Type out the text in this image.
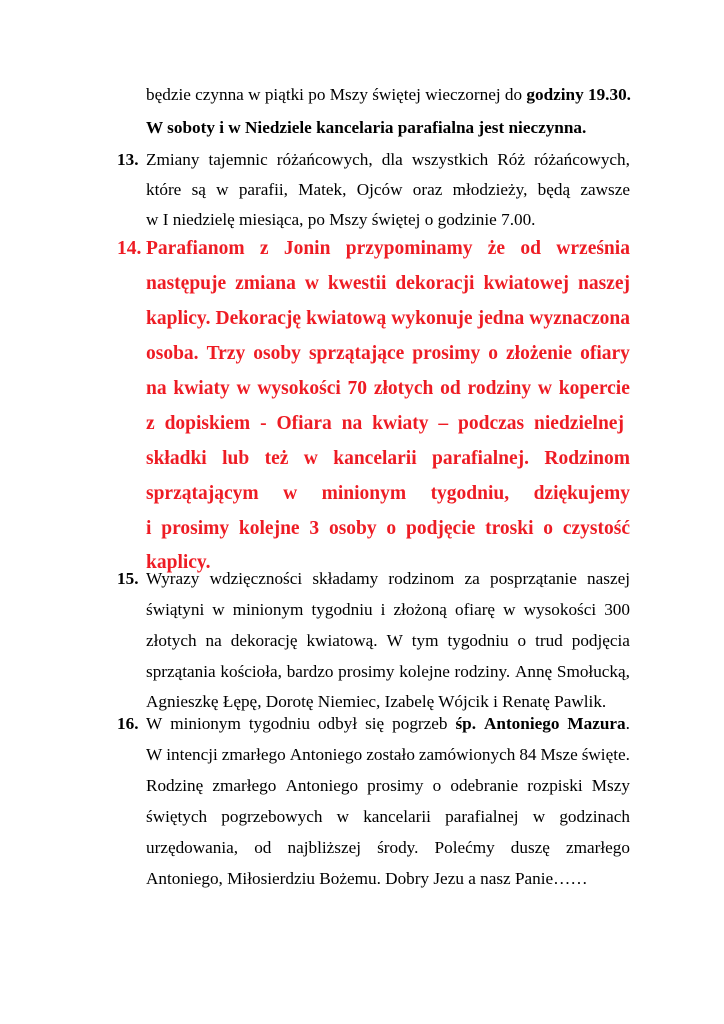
będzie czynna w piątki po Mszy świętej wieczornej do godziny 19.30.
W soboty i w Niedziele kancelaria parafialna jest nieczynna.
13. Zmiany tajemnic różańcowych, dla wszystkich Róż różańcowych,
które są w parafii, Matek, Ojców oraz młodzieży, będą zawsze
w I niedzielę miesiąca, po Mszy świętej o godzinie 7.00.
14. Parafianom z Jonin przypominamy że od września
następuje zmiana w kwestii dekoracji kwiatowej naszej
kaplicy. Dekorację kwiatową wykonuje jedna wyznaczona
osoba. Trzy osoby sprzątające prosimy o złożenie ofiary
na kwiaty w wysokości 70 złotych od rodziny w kopercie
z dopiskiem - Ofiara na kwiaty – podczas niedzielnej
składki lub też w kancelarii parafialnej. Rodzinom
sprzątającym w minionym tygodniu, dziękujemy
i prosimy kolejne 3 osoby o podjęcie troski o czystość
kaplicy.
15. Wyrazy wdzięczności składamy rodzinom za posprzątanie naszej
świątyni w minionym tygodniu i złożoną ofiarę w wysokości 300
złotych na dekorację kwiatową. W tym tygodniu o trud podjęcia
sprzątania kościoła, bardzo prosimy kolejne rodziny. Annę Smołucką,
Agnieszkę Łępę, Dorotę Niemiec, Izabelę Wójcik i Renatę Pawlik.
16. W minionym tygodniu odbył się pogrzeb śp. Antoniego Mazura.
W intencji zmarłego Antoniego zostało zamówionych 84 Msze święte.
Rodzinę zmarłego Antoniego prosimy o odebranie rozpiski Mszy
świętych pogrzebowych w kancelarii parafialnej w godzinach
urzędowania, od najbliższej środy. Polećmy duszę zmarłego
Antoniego, Miłosierdziu Bożemu. Dobry Jezu a nasz Panie……
